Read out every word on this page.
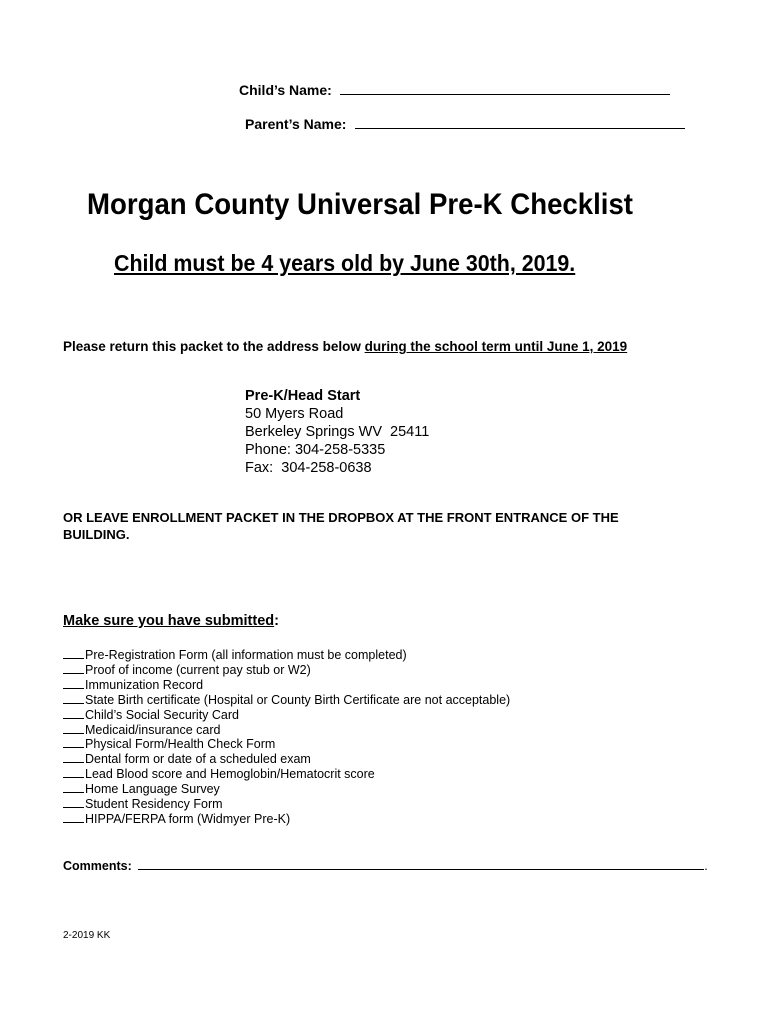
Child’s Name:
Parent’s Name:
Morgan County Universal Pre-K Checklist
Child must be 4 years old by June 30th, 2019.
Please return this packet to the address below during the school term until June 1, 2019
Pre-K/Head Start
50 Myers Road
Berkeley Springs WV  25411
Phone: 304-258-5335
Fax:  304-258-0638
OR LEAVE ENROLLMENT PACKET IN THE DROPBOX AT THE FRONT ENTRANCE OF THE BUILDING.
Make sure you have submitted:
Pre-Registration Form (all information must be completed)
Proof of income (current pay stub or W2)
Immunization Record
State Birth certificate (Hospital or County Birth Certificate are not acceptable)
Child’s Social Security Card
Medicaid/insurance card
Physical Form/Health Check Form
Dental form or date of a scheduled exam
Lead Blood score and Hemoglobin/Hematocrit score
Home Language Survey
Student Residency Form
HIPPA/FERPA form (Widmyer Pre-K)
Comments:	.
2-2019 KK
